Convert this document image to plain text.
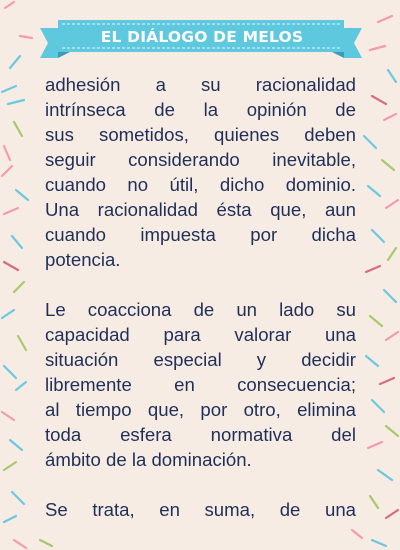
EL DIÁLOGO DE MELOS
adhesión a su racionalidad
intrínseca de la opinión de
sus sometidos, quienes deben
seguir considerando inevitable,
cuando no útil, dicho dominio.
Una racionalidad ésta que, aun
cuando impuesta por dicha
potencia.
Le coacciona de un lado su
capacidad para valorar una
situación especial y decidir
libremente en consecuencia;
al tiempo que, por otro, elimina
toda esfera normativa del
ámbito de la dominación.
Se trata, en suma, de una
